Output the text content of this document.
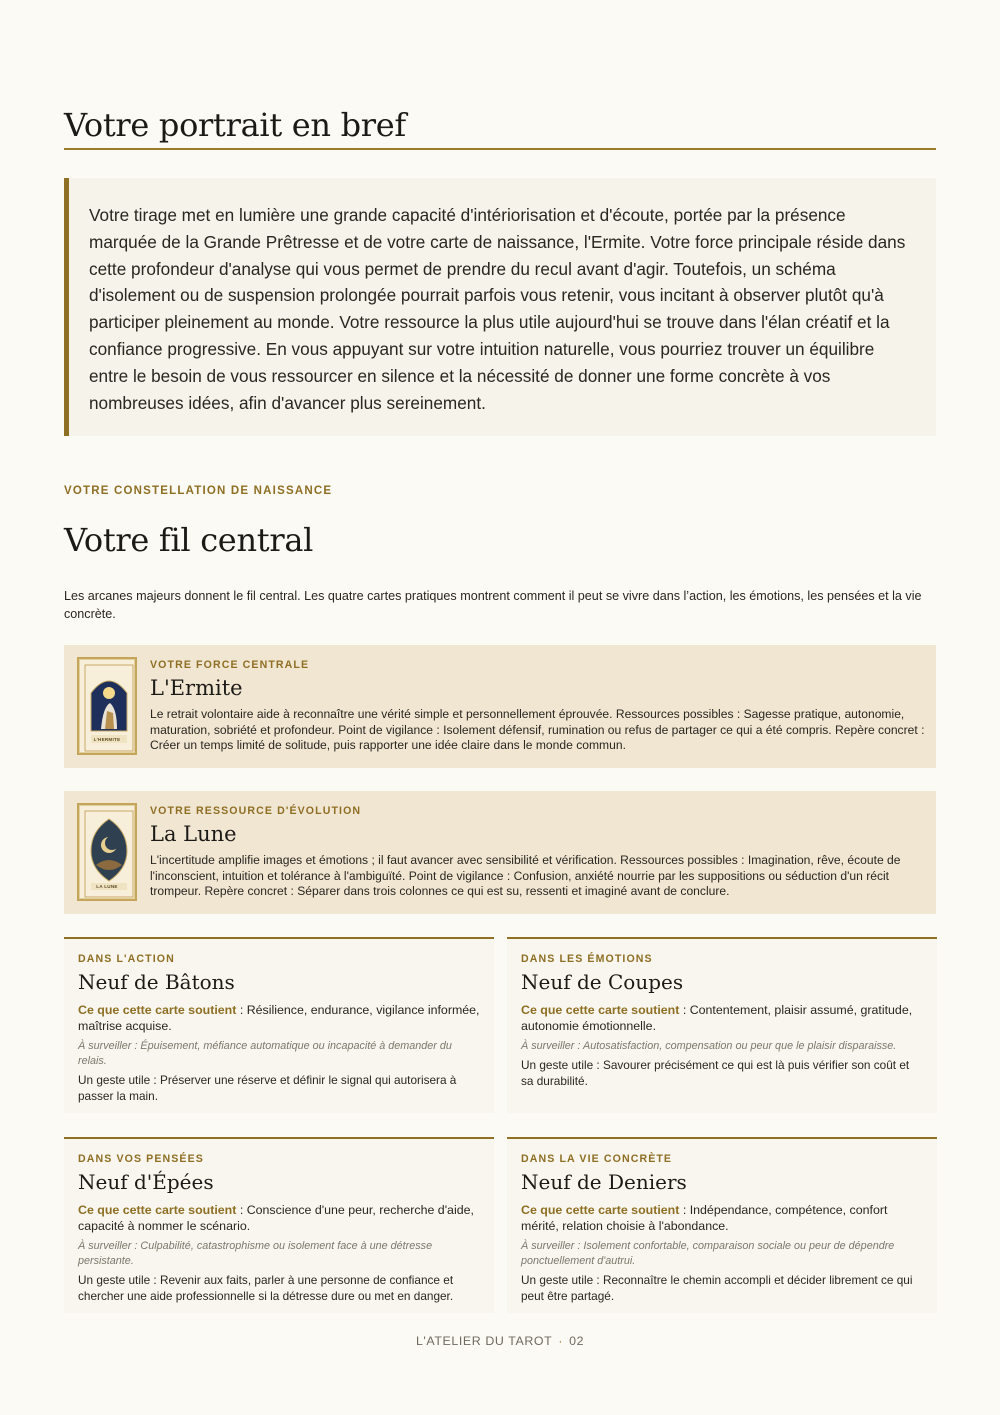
Votre portrait en bref

Votre tirage met en lumière une grande capacité d'intériorisation et d'écoute, portée par la présence marquée de la Grande Prêtresse et de votre carte de naissance, l'Ermite. Votre force principale réside dans cette profondeur d'analyse qui vous permet de prendre du recul avant d'agir. Toutefois, un schéma d'isolement ou de suspension prolongée pourrait parfois vous retenir, vous incitant à observer plutôt qu'à participer pleinement au monde. Votre ressource la plus utile aujourd'hui se trouve dans l'élan créatif et la confiance progressive. En vous appuyant sur votre intuition naturelle, vous pourriez trouver un équilibre entre le besoin de vous ressourcer en silence et la nécessité de donner une forme concrète à vos nombreuses idées, afin d'avancer plus sereinement.

VOTRE CONSTELLATION DE NAISSANCE
Votre fil central

Les arcanes majeurs donnent le fil central. Les quatre cartes pratiques montrent comment il peut se vivre dans l’action, les émotions, les pensées et la vie concrète.

L'HERMITE
VOTRE FORCE CENTRALE
L'Ermite

Le retrait volontaire aide à reconnaître une vérité simple et personnellement éprouvée. Ressources possibles : Sagesse pratique, autonomie, maturation, sobriété et profondeur. Point de vigilance : Isolement défensif, rumination ou refus de partager ce qui a été compris. Repère concret : Créer un temps limité de solitude, puis rapporter une idée claire dans le monde commun.

LA LUNE
VOTRE RESSOURCE D'ÉVOLUTION
La Lune

L'incertitude amplifie images et émotions ; il faut avancer avec sensibilité et vérification. Ressources possibles : Imagination, rêve, écoute de l'inconscient, intuition et tolérance à l'ambiguïté. Point de vigilance : Confusion, anxiété nourrie par les suppositions ou séduction d'un récit trompeur. Repère concret : Séparer dans trois colonnes ce qui est su, ressenti et imaginé avant de conclure.

DANS L'ACTION
Neuf de Bâtons

Ce que cette carte soutient : Résilience, endurance, vigilance informée, maîtrise acquise.

À surveiller : Épuisement, méfiance automatique ou incapacité à demander du relais.

Un geste utile : Préserver une réserve et définir le signal qui autorisera à passer la main.

DANS LES ÉMOTIONS
Neuf de Coupes

Ce que cette carte soutient : Contentement, plaisir assumé, gratitude, autonomie émotionnelle.

À surveiller : Autosatisfaction, compensation ou peur que le plaisir disparaisse.

Un geste utile : Savourer précisément ce qui est là puis vérifier son coût et sa durabilité.

DANS VOS PENSÉES
Neuf d'Épées

Ce que cette carte soutient : Conscience d'une peur, recherche d'aide, capacité à nommer le scénario.

À surveiller : Culpabilité, catastrophisme ou isolement face à une détresse persistante.

Un geste utile : Revenir aux faits, parler à une personne de confiance et chercher une aide professionnelle si la détresse dure ou met en danger.

DANS LA VIE CONCRÈTE
Neuf de Deniers

Ce que cette carte soutient : Indépendance, compétence, confort mérité, relation choisie à l'abondance.

À surveiller : Isolement confortable, comparaison sociale ou peur de dépendre ponctuellement d'autrui.

Un geste utile : Reconnaître le chemin accompli et décider librement ce qui peut être partagé.

L'ATELIER DU TAROT · 02
